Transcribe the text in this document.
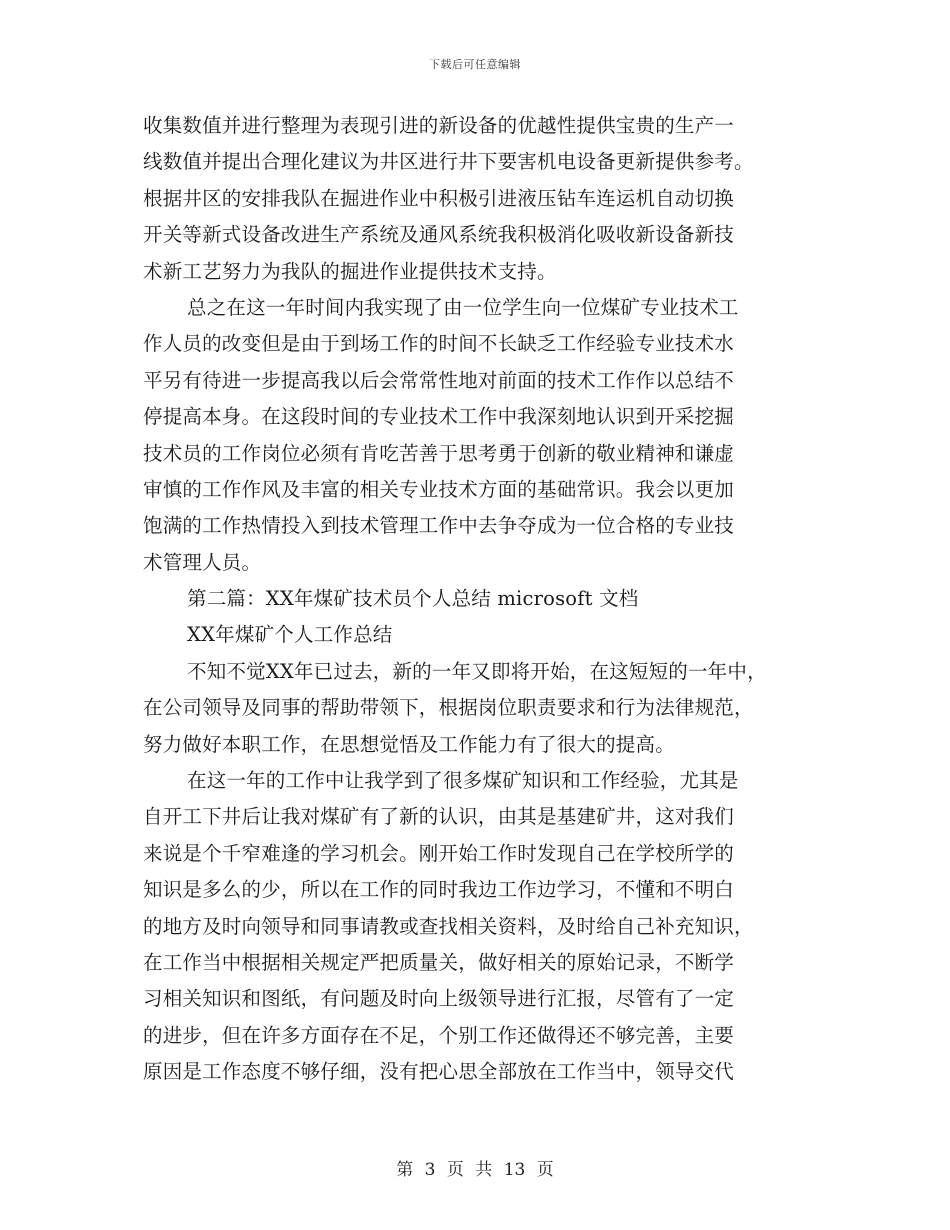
下载后可任意编辑
收集数值并进行整理为表现引进的新设备的优越性提供宝贵的生产一
线数值并提出合理化建议为井区进行井下要害机电设备更新提供参考。
根据井区的安排我队在掘进作业中积极引进液压钻车连运机自动切换
开关等新式设备改进生产系统及通风系统我积极消化吸收新设备新技
术新工艺努力为我队的掘进作业提供技术支持。
总之在这一年时间内我实现了由一位学生向一位煤矿专业技术工
作人员的改变但是由于到场工作的时间不长缺乏工作经验专业技术水
平另有待进一步提高我以后会常常性地对前面的技术工作作以总结不
停提高本身。在这段时间的专业技术工作中我深刻地认识到开采挖掘
技术员的工作岗位必须有肯吃苦善于思考勇于创新的敬业精神和谦虚
审慎的工作作风及丰富的相关专业技术方面的基础常识。我会以更加
饱满的工作热情投入到技术管理工作中去争夺成为一位合格的专业技
术管理人员。
第二篇：XX年煤矿技术员个人总结 microsoft 文档
XX年煤矿个人工作总结
不知不觉XX年已过去，新的一年又即将开始，在这短短的一年中，
在公司领导及同事的帮助带领下，根据岗位职责要求和行为法律规范，
努力做好本职工作，在思想觉悟及工作能力有了很大的提高。
在这一年的工作中让我学到了很多煤矿知识和工作经验，尤其是
自开工下井后让我对煤矿有了新的认识，由其是基建矿井，这对我们
来说是个千窄难逢的学习机会。刚开始工作时发现自己在学校所学的
知识是多么的少，所以在工作的同时我边工作边学习，不懂和不明白
的地方及时向领导和同事请教或查找相关资料，及时给自己补充知识，
在工作当中根据相关规定严把质量关，做好相关的原始记录，不断学
习相关知识和图纸，有问题及时向上级领导进行汇报，尽管有了一定
的进步，但在许多方面存在不足，个别工作还做得还不够完善，主要
原因是工作态度不够仔细，没有把心思全部放在工作当中，领导交代
第 3 页 共 13 页
